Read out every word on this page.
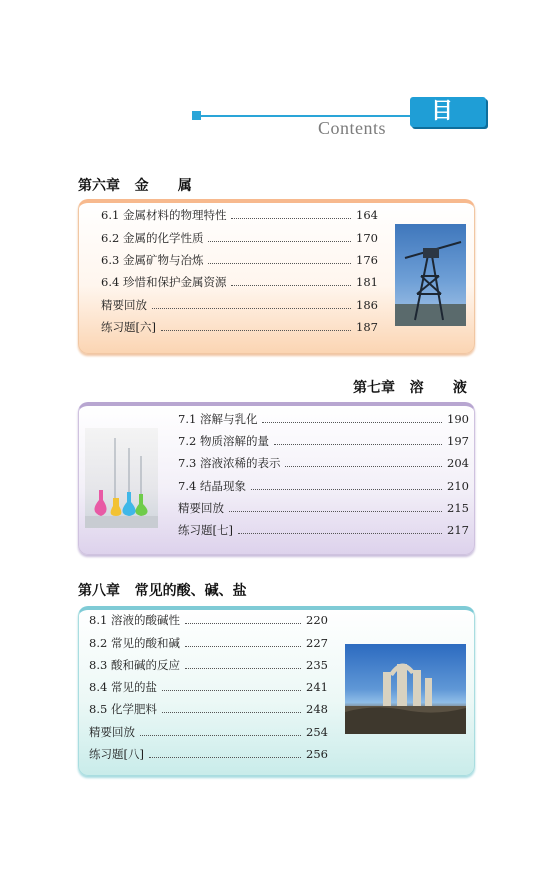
目 录
Contents
第六章   金      属
6.1 金属材料的物理特性	164
6.2 金属的化学性质	170
6.3 金属矿物与冶炼	176
6.4 珍惜和保护金属资源	181
精要回放	186
练习题[六]	187
第七章   溶      液
7.1 溶解与乳化	190
7.2 物质溶解的量	197
7.3 溶液浓稀的表示	204
7.4 结晶现象	210
精要回放	215
练习题[七]	217
第八章   常见的酸、碱、盐
8.1 溶液的酸碱性	220
8.2 常见的酸和碱	227
8.3 酸和碱的反应	235
8.4 常见的盐	241
8.5 化学肥料	248
精要回放	254
练习题[八]	256
